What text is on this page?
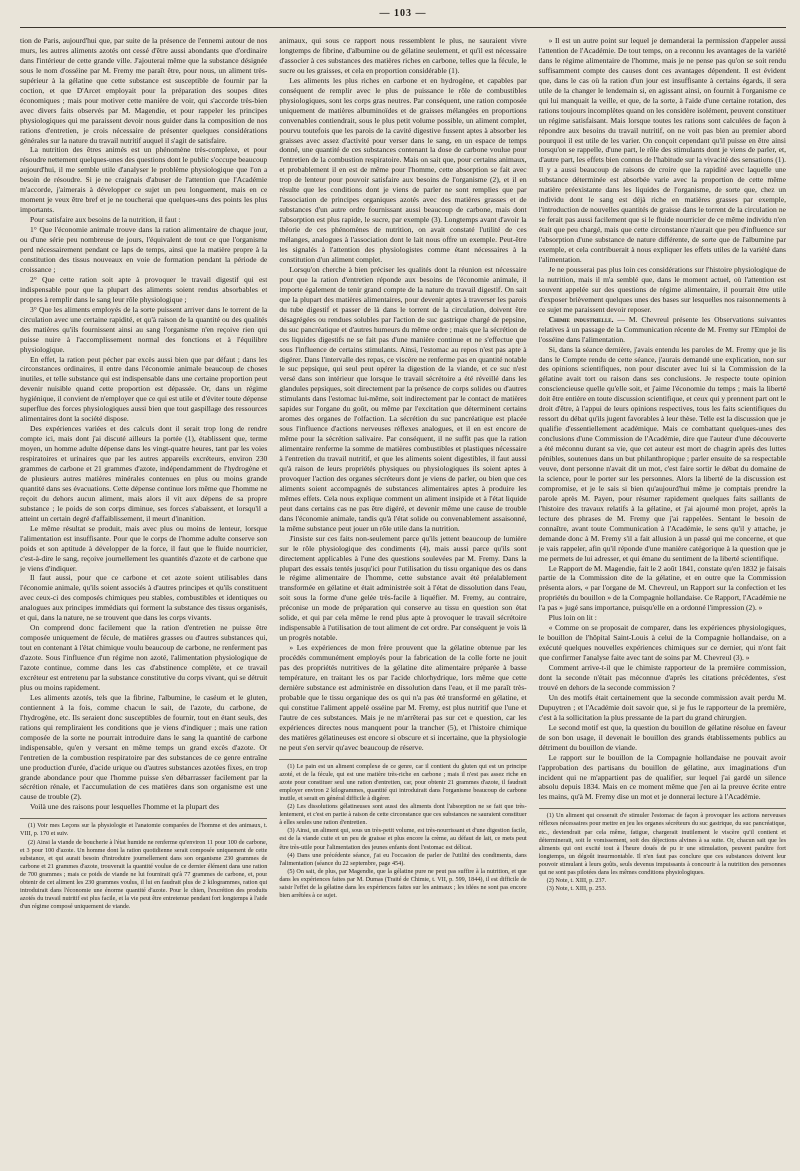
— 103 —

tion de Paris, aujourd'hui que, par suite de la présence de l'ennemi autour de nos murs, les autres aliments azotés ont cessé d'être aussi abondants que d'ordinaire dans l'intérieur de cette grande ville. J'ajouterai même que la substance désignée sous le nom d'osséine par M. Fremy me paraît être, pour nous, un aliment très-supérieur à la gélatine que cette substance est susceptible de fournir par la coction, et que D'Arcet employait pour la préparation des soupes dites économiques ; mais pour motiver cette manière de voir, qui s'accorde très-bien avec divers faits observés par M. Magendie, et pour rappeler les principes physiologiques qui me paraissent devoir nous guider dans la composition de nos rations d'entretien, je crois nécessaire de présenter quelques considérations générales sur la nature du travail nutritif auquel il s'agit de satisfaire.

La nutrition des êtres animés est un phénomène très-complexe, et pour résoudre nettement quelques-unes des questions dont le public s'occupe beaucoup aujourd'hui, il me semble utile d'analyser le problème physiologique que l'on a besoin de résoudre. Si je ne craignais d'abuser de l'attention que l'Académie m'accorde, j'aimerais à développer ce sujet un peu longuement, mais en ce moment je veux être bref et je ne toucherai que quelques-uns des points les plus importants.

Pour satisfaire aux besoins de la nutrition, il faut :

1° Que l'économie animale trouve dans la ration alimentaire de chaque jour, ou d'une série peu nombreuse de jours, l'équivalent de tout ce que l'organisme perd nécessairement pendant ce laps de temps, ainsi que la matière propre à la constitution des tissus nouveaux en voie de formation pendant la période de croissance ;

2° Que cette ration soit apte à provoquer le travail digestif qui est indispensable pour que la plupart des aliments soient rendus absorbables et propres à remplir dans le sang leur rôle physiologique ;

3° Que les aliments employés de la sorte puissent arriver dans le torrent de la circulation avec une certaine rapidité, et qu'à raison de la quantité ou des qualités des matières qu'ils fournissent ainsi au sang l'organisme n'en reçoive rien qui puisse nuire à l'accomplissement normal des fonctions et à l'équilibre physiologique.

En effet, la ration peut pécher par excès aussi bien que par défaut ; dans les circonstances ordinaires, il entre dans l'économie animale beaucoup de choses inutiles, et telle substance qui est indispensable dans une certaine proportion peut devenir nuisible quand cette proportion est dépassée. Or, dans un régime hygiénique, il convient de n'employer que ce qui est utile et d'éviter toute dépense superflue des forces physiologiques aussi bien que tout gaspillage des ressources alimentaires dont la société dispose.

Des expériences variées et des calculs dont il serait trop long de rendre compte ici, mais dont j'ai discuté ailleurs la portée (1), établissent que, terme moyen, un homme adulte dépense dans les vingt-quatre heures, tant par les voies respiratoires et urinaires que par les autres appareils excréteurs, environ 230 grammes de carbone et 21 grammes d'azote, indépendamment de l'hydrogène et de plusieurs autres matières minérales contenues en plus ou moins grande quantité dans ses évacuations. Cette dépense continue lors même que l'homme ne reçoit du dehors aucun aliment, mais alors il vit aux dépens de sa propre substance ; le poids de son corps diminue, ses forces s'abaissent, et lorsqu'il a atteint un certain degré d'affaiblissement, il meurt d'inanition.

Le même résultat se produit, mais avec plus ou moins de lenteur, lorsque l'alimentation est insuffisante. Pour que le corps de l'homme adulte conserve son poids et son aptitude à développer de la force, il faut que le fluide nourricier, c'est-à-dire le sang, reçoive journellement les quantités d'azote et de carbone que je viens d'indiquer.

Il faut aussi, pour que ce carbone et cet azote soient utilisables dans l'économie animale, qu'ils soient associés à d'autres principes et qu'ils constituent avec ceux-ci des composés chimiques peu stables, combustibles et identiques ou analogues aux principes immédiats qui forment la substance des tissus organisés, et qui, dans la nature, ne se trouvent que dans les corps vivants.

On comprend donc facilement que la ration d'entretien ne puisse être composée uniquement de fécule, de matières grasses ou d'autres substances qui, tout en contenant à l'état chimique voulu beaucoup de carbone, ne renferment pas d'azote. Sous l'influence d'un régime non azoté, l'alimentation physiologique de l'azote continue, comme dans les cas d'abstinence complète, et ce travail excréteur est entretenu par la substance constitutive du corps vivant, qui se détruit plus ou moins rapidement.

Les aliments azotés, tels que la fibrine, l'albumine, le caséum et le gluten, contiennent à la fois, comme chacun le sait, de l'azote, du carbone, de l'hydrogène, etc. Ils seraient donc susceptibles de fournir, tout en étant seuls, des rations qui rempliraient les conditions que je viens d'indiquer ; mais une ration composée de la sorte ne pourrait introduire dans le sang la quantité de carbone indispensable, qu'en y versant en même temps un grand excès d'azote. Or l'entretien de la combustion respiratoire par des substances de ce genre entraîne une production d'urée, d'acide urique ou d'autres substances azotées fixes, en trop grande abondance pour que l'homme puisse s'en débarrasser facilement par la sécrétion rénale, et l'accumulation de ces matières dans son organisme est une cause de trouble (2).

Voilà une des raisons pour lesquelles l'homme et la plupart des

(1) Voir mes Leçons sur la physiologie et l'anatomie comparées de l'homme et des animaux, t. VIII, p. 170 et suiv.

(2) Ainsi la viande de boucherie à l'état humide ne renferme qu'environ 11 pour 100 de carbone, et 3 pour 100 d'azote. Un homme dont la ration quotidienne serait composée uniquement de cette substance, et qui aurait besoin d'introduire journellement dans son organisme 230 grammes de carbone et 21 grammes d'azote, trouverait la quantité voulue de ce dernier élément dans une ration de 700 grammes ; mais ce poids de viande ne lui fournirait qu'à 77 grammes de carbone, et, pour obtenir de cet aliment les 230 grammes voulus, il lui en faudrait plus de 2 kilogrammes, ration qui introduirait dans l'économie une énorme quantité d'azote. Pour le chien, l'excrétion des produits azotés du travail nutritif est plus facile, et la vie peut être entretenue pendant fort longtemps à l'aide d'un régime composé uniquement de viande.

animaux, qui sous ce rapport nous ressemblent le plus, ne sauraient vivre longtemps de fibrine, d'albumine ou de gélatine seulement, et qu'il est nécessaire d'associer à ces substances des matières riches en carbone, telles que la fécule, le sucre ou les graisses, et cela en proportion considérable (1).

Les aliments les plus riches en carbone et en hydrogène, et capables par conséquent de remplir avec le plus de puissance le rôle de combustibles physiologiques, sont les corps gras neutres. Par conséquent, une ration composée uniquement de matières albuminoïdes et de graisses mélangées en proportions convenables contiendrait, sous le plus petit volume possible, un aliment complet, pourvu toutefois que les parois de la cavité digestive fussent aptes à absorber les graisses avec assez d'activité pour verser dans le sang, en un espace de temps donné, une quantité de ces substances contenant la dose de carbone voulue pour l'entretien de la combustion respiratoire. Mais on sait que, pour certains animaux, et probablement il en est de même pour l'homme, cette absorption se fait avec trop de lenteur pour pouvoir satisfaire aux besoins de l'organisme (2), et il en résulte que les conditions dont je viens de parler ne sont remplies que par l'association de principes organiques azotés avec des matières grasses et de substances d'un autre ordre fournissant aussi beaucoup de carbone, mais dont l'absorption est plus rapide, le sucre, par exemple (3). Longtemps avant d'avoir la théorie de ces phénomènes de nutrition, on avait constaté l'utilité de ces mélanges, analogues à l'association dont le lait nous offre un exemple. Peut-être les signalés à l'attention des physiologistes comme étant nécessaires à la constitution d'un aliment complet.

Lorsqu'on cherche à bien préciser les qualités dont la réunion est nécessaire pour que la ration d'entretien réponde aux besoins de l'économie animale, il importe également de tenir grand compte de la nature du travail digestif. On sait que la plupart des matières alimentaires, pour devenir aptes à traverser les parois du tube digestif et passer de là dans le torrent de la circulation, doivent être désagrégées ou rendues solubles par l'action de suc gastrique chargé de pepsine, du suc pancréatique et d'autres humeurs du même ordre ; mais que la sécrétion de ces liquides digestifs ne se fait pas d'une manière continue et ne s'effectue que sous l'influence de certains stimulants. Ainsi, l'estomac au repos n'est pas apte à digérer. Dans l'intervalle des repas, ce viscère ne renferme pas en quantité notable le suc pepsique, qui seul peut opérer la digestion de la viande, et ce suc n'est versé dans son intérieur que lorsque le travail sécrétoire a été réveillé dans les glandules pepsiques, soit directement par la présence de corps solides ou d'autres stimulants dans l'estomac lui-même, soit indirectement par le contact de matières sapides sur l'organe du goût, ou même par l'excitation que déterminent certains aromes des organes de l'olfaction. La sécrétion du suc pancréatique est placée sous l'influence d'actions nerveuses réflexes analogues, et il en est encore de même pour la sécrétion salivaire. Par conséquent, il ne suffit pas que la ration alimentaire renferme la somme de matières combustibles et plastiques nécessaire à l'entretien du travail nutritif, et que les aliments soient digestibles, il faut aussi qu'à raison de leurs propriétés physiques ou physiologiques ils soient aptes à provoquer l'action des organes sécréteurs dont je viens de parler, ou bien que ces aliments soient accompagnés de substances alimentaires aptes à produire les mêmes effets. Cela nous explique comment un aliment insipide et à l'état liquide peut dans certains cas ne pas être digéré, et devenir même une cause de trouble dans l'économie animale, tandis qu'à l'état solide ou convenablement assaisonné, la même substance peut jouer un rôle utile dans la nutrition.

J'insiste sur ces faits non-seulement parce qu'ils jettent beaucoup de lumière sur le rôle physiologique des condiments (4), mais aussi parce qu'ils sont directement applicables à l'une des questions soulevées par M. Fremy. Dans la plupart des essais tentés jusqu'ici pour l'utilisation du tissu organique des os dans le régime alimentaire de l'homme, cette substance avait été préalablement transformée en gélatine et était administrée soit à l'état de dissolution dans l'eau, soit sous la forme d'une gelée très-facile à liquéfier. M. Fremy, au contraire, préconise un mode de préparation qui conserve au tissu en question son état solide, et qui par cela même le rend plus apte à provoquer le travail sécrétoire indispensable à l'utilisation de tout aliment de cet ordre. Par conséquent je vois là un progrès notable.

» Les expériences de mon frère prouvent que la gélatine obtenue par les procédés communément employés pour la fabrication de la colle forte ne jouit pas des propriétés nutritives de la gélatine dite alimentaire préparée à basse température, en traitant les os par l'acide chlorhydrique, lors même que cette dernière substance est administrée en dissolution dans l'eau, et il me paraît très-probable que le tissu organique des os qui n'a pas été transformé en gélatine, et qui constitue l'aliment appelé osséine par M. Fremy, est plus nutritif que l'une et l'autre de ces substances. Mais je ne m'arrêterai pas sur cet e question, car les expériences directes nous manquent pour la trancher (5), et l'histoire chimique des matières gélatineuses est encore si obscure et si incertaine, que la physiologie ne peut s'en servir qu'avec beaucoup de réserve.

(1) Le pain est un aliment complexe de ce genre, car il contient du gluten qui est un principe azoté, et de la fécule, qui est une matière très-riche en carbone ; mais il n'est pas assez riche en azote pour constituer seul une ration d'entretien, car, pour obtenir 21 grammes d'azote, il faudrait employer environ 2 kilogrammes, quantité qui introduirait dans l'organisme beaucoup de carbone inutile, et serait en général difficile à digérer.

(2) Les dissolutions gélatineuses sont aussi des aliments dont l'absorption ne se fait que très-lentement, et c'est en partie à raison de cette circonstance que ces substances ne sauraient constituer à elles seules une ration d'entretien.

(3) Ainsi, un aliment qui, sous un très-petit volume, est très-nourrissant et d'une digestion facile, est de la viande cuite et un peu de graisse et plus encore la crème, au défaut de lait, ce mets peut être très-utile pour l'alimentation des jeunes enfants dont l'estomac est délicat.

(4) Dans une précédente séance, j'ai eu l'occasion de parler de l'utilité des condiments, dans l'alimentation (séance du 22 septembre, page 454).

(5) On sait, de plus, par Magendie, que la gélatine pure ne peut pas suffire à la nutrition, et que dans les expériences faites par M. Dumas (Traité de Chimie, t. VII, p. 599, 1844), il est difficile de saisir l'effet de la gélatine dans les expériences faites sur les animaux ; les idées ne sont pas encore bien arrêtées à ce sujet.

» Il est un autre point sur lequel je demanderai la permission d'appeler aussi l'attention de l'Académie. De tout temps, on a reconnu les avantages de la variété dans le régime alimentaire de l'homme, mais je ne pense pas qu'on se soit rendu suffisamment compte des causes dont ces avantages dépendent. Il est évident que, dans le cas où la ration d'un jour est insuffisante à certains égards, il sera utile de la changer le lendemain si, en agissant ainsi, on fournit à l'organisme ce qui lui manquait la veille, et que, de la sorte, à l'aide d'une certaine rotation, des rations toujours incomplètes quand on les considère isolément, peuvent constituer un régime satisfaisant. Mais lorsque toutes les rations sont calculées de façon à répondre aux besoins du travail nutritif, on ne voit pas bien au premier abord pourquoi il est utile de les varier. On conçoit cependant qu'il puisse en être ainsi lorsqu'on se rappelle, d'une part, le rôle des stimulants dont je viens de parler, et, d'autre part, les effets bien connus de l'habitude sur la vivacité des sensations (1). Il y a aussi beaucoup de raisons de croire que la rapidité avec laquelle une substance déterminée est absorbée varie avec la proportion de cette même matière préexistante dans les liquides de l'organisme, de sorte que, chez un individu dont le sang est déjà riche en matières grasses par exemple, l'introduction de nouvelles quantités de graisse dans le torrent de la circulation ne se ferait pas aussi facilement que si le fluide nourricier de ce même individu n'en était que peu chargé, mais que cette circonstance n'aurait que peu d'influence sur l'absorption d'une substance de nature différente, de sorte que de l'albumine par exemple, et cela contribuerait à nous expliquer les effets utiles de la variété dans l'alimentation.

Je ne pousserai pas plus loin ces considérations sur l'histoire physiologique de la nutrition, mais il m'a semblé que, dans le moment actuel, où l'attention est souvent appelée sur des questions de régime alimentaire, il pourrait être utile d'exposer brièvement quelques unes des bases sur lesquelles nos raisonnements à ce sujet me paraissent devoir reposer.

Chimie industrielle. — M. Chevreul présente les Observations suivantes relatives à un passage de la Communication récente de M. Fremy sur l'Emploi de l'osséine dans l'alimentation.

Si, dans la séance dernière, j'avais entendu les paroles de M. Fremy que je lis dans le Compte rendu de cette séance, j'aurais demandé une explication, non sur des opinions scientifiques, non pour discuter avec lui si la Commission de la gélatine avait tort ou raison dans ses conclusions. Je respecte toute opinion consciencieuse quelle qu'elle soit, et j'aime l'économie du temps ; mais la liberté doit être entière en toute discussion scientifique, et ceux qui y prennent part ont le droit d'être, à l'appui de leurs opinions respectives, tous les faits scientifiques du ressort du débat qu'ils jugent favorables à leur thèse. Telle est la discussion que je qualifie d'essentiellement académique. Mais ce combattant quelques-unes des conclusions d'une Commission de l'Académie, dire que l'auteur d'une découverte a été méconnu durant sa vie, que cet auteur est mort de chagrin après des luttes pénibles, soutenues dans un but philanthropique ; parler ensuite de sa respectable veuve, dont personne n'avait dit un mot, c'est faire sortir le débat du domaine de la science, pour le porter sur les personnes. Alors la liberté de la discussion est compromise, et je le sais si bien qu'aujourd'hui même je comptais prendre la parole après M. Payen, pour résumer rapidement quelques faits saillants de l'histoire des travaux relatifs à la gélatine, et j'ai ajourné mon projet, après la lecture des phrases de M. Fremy que j'ai rappelées. Sentant le besoin de connaître, avant toute Communication à l'Académie, le sens qu'il y attache, je demande donc à M. Fremy s'il a fait allusion à un passé qui me concerne, et que je vais rappeler, afin qu'il réponde d'une manière catégorique à la question que je me permets de lui adresser, et qui émane du sentiment de la liberté scientifique.

Le Rapport de M. Magendie, fait le 2 août 1841, constate qu'en 1832 je faisais partie de la Commission dite de la gélatine, et en outre que la Commission présenta alors, « par l'organe de M. Chevreul, un Rapport sur la confection et les propriétés du bouillon » de la Compagnie hollandaise. Ce Rapport, l'Académie ne l'a pas » jugé sans importance, puisqu'elle en a ordonné l'impression (2). »

Plus loin on lit :

« Comme on se proposait de comparer, dans les expériences physiologiques, le bouillon de l'hôpital Saint-Louis à celui de la Compagnie hollandaise, on a exécuté quelques nouvelles expériences chimiques sur ce dernier, qui n'ont fait que confirmer l'analyse faite avec tant de soins par M. Chevreul (3). »

Comment arrive-t-il que le chimiste rapporteur de la première commission, dont la seconde n'était pas méconnue d'après les citations précédentes, s'est trouvé en dehors de la seconde commission ?

Un des motifs était certainement que la seconde commission avait perdu M. Dupuytren ; et l'Académie doit savoir que, si je fus le rapporteur de la première, c'est à la sollicitation la plus pressante de la part du grand chirurgien.

Le second motif est que, la question du bouillon de gélatine résolue en faveur de son bon usage, il devenait le bouillon des grands établissements publics au détriment du bouillon de viande.

Le rapport sur le bouillon de la Compagnie hollandaise ne pouvait avoir l'approbation des partisans du bouillon de gélatine, aux imaginations d'un incident qui ne m'appartient pas de qualifier, sur lequel j'ai gardé un silence absolu depuis 1834. Mais en ce moment même que j'en ai la preuve écrite entre les mains, qu'à M. Fremy dise un mot et je donnerai lecture à l'Académie.

(1) Un aliment qui cesserait d'e stimuler l'estomac de façon à provoquer les actions nerveuses réflexes nécessaires pour mettre en jeu les organes sécréteurs du suc gastrique, du suc pancréatique, etc., deviendrait par cela même, fatigue, chargerait inutilement le viscère qu'il contient et déterminerait, soit le vomissement, soit des déjections alvines à sa suite. Or, chacun sait que les aliments qui ont excité tout à l'heure doués de pu ir une stimulation, peuvent paraître fort longtemps, un dégoût insurmontable. Il n'en faut pas conclure que ces substances doivent leur pouvoir stimulant à leurs goûts, seuls devenus impuissants à concourir à la nutrition des personnes qui ne sont pas pilotées dans les mêmes conditions physiologiques.

(2) Note, t. XIII, p. 237.

(3) Note, t. XIII, p. 253.
